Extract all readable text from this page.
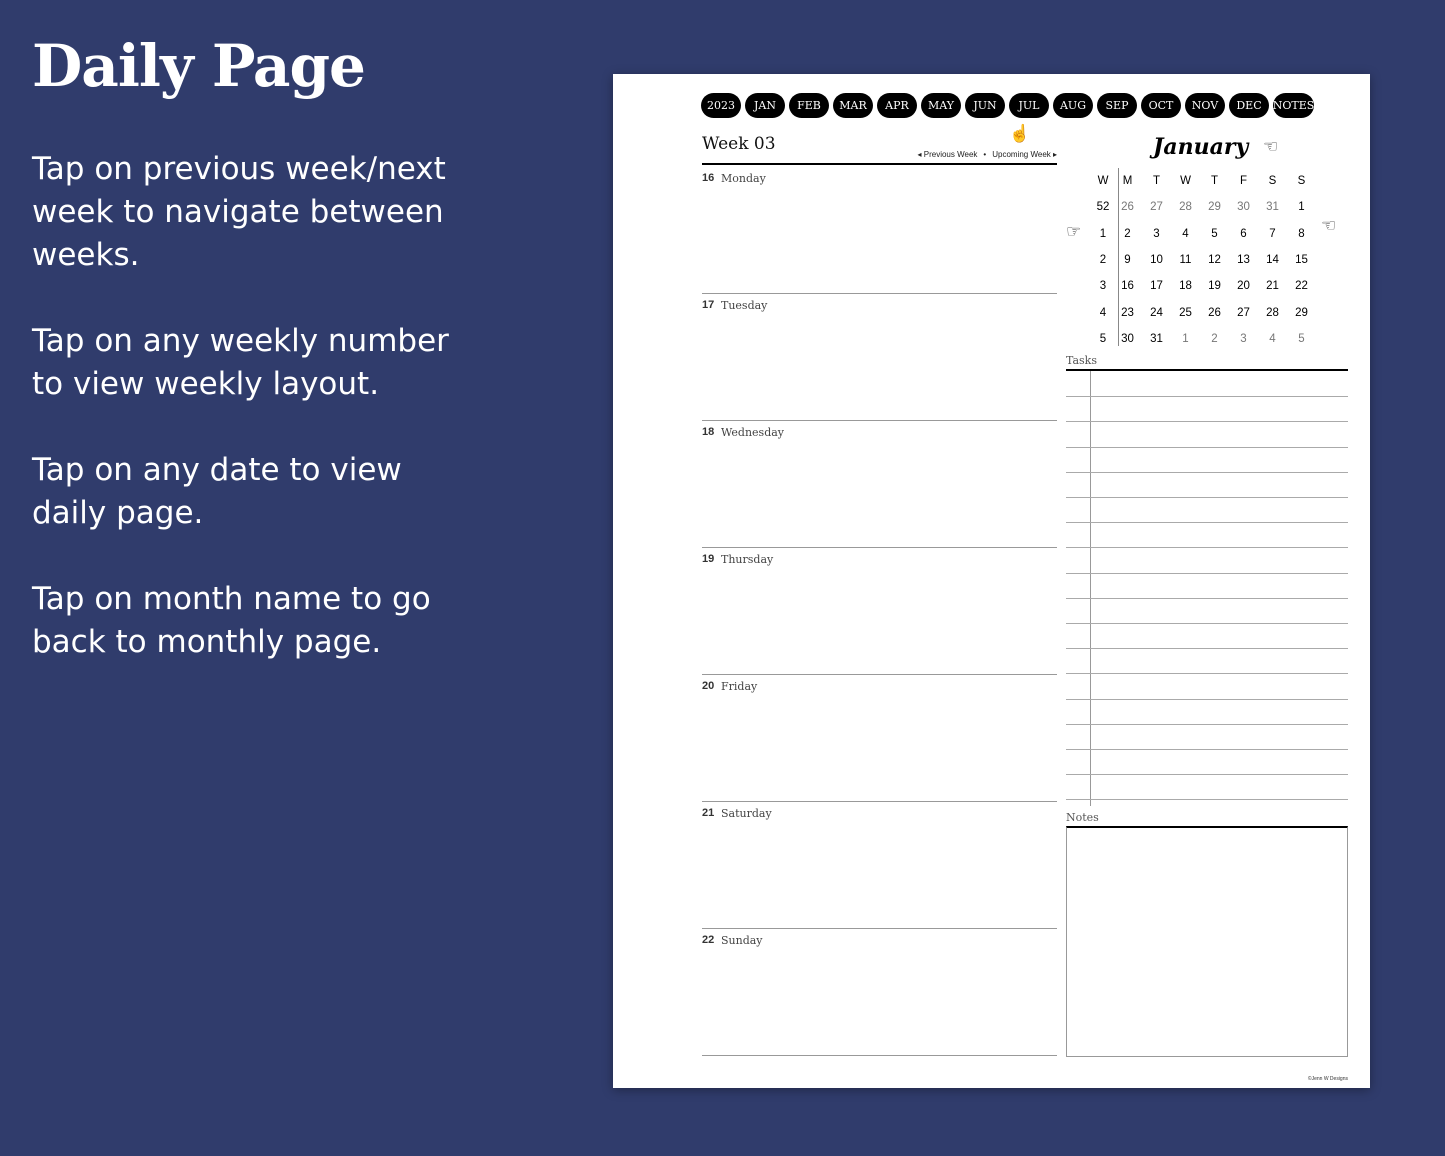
Daily Page

Tap on previous week/next week to navigate between weeks.

Tap on any weekly number to view weekly layout.

Tap on any date to view daily page.

Tap on month name to go back to monthly page.

2023	JAN	FEB	MAR	APR	MAY	JUN	JUL	AUG	SEP	OCT	NOV	DEC	NOTES
Week 03
◂ Previous Week • Upcoming Week ▸
16 Monday
17 Tuesday
18 Wednesday
19 Thursday
20 Friday
21 Saturday
22 Sunday
☝
☜
☞	☜
January
W	M	T	W	T	F	S	S
52	26	27	28	29	30	31	1
1	2	3	4	5	6	7	8
2	9	10	11	12	13	14	15
3	16	17	18	19	20	21	22
4	23	24	25	26	27	28	29
5	30	31	1	2	3	4	5
Tasks
Notes
©Jenn W Designs
